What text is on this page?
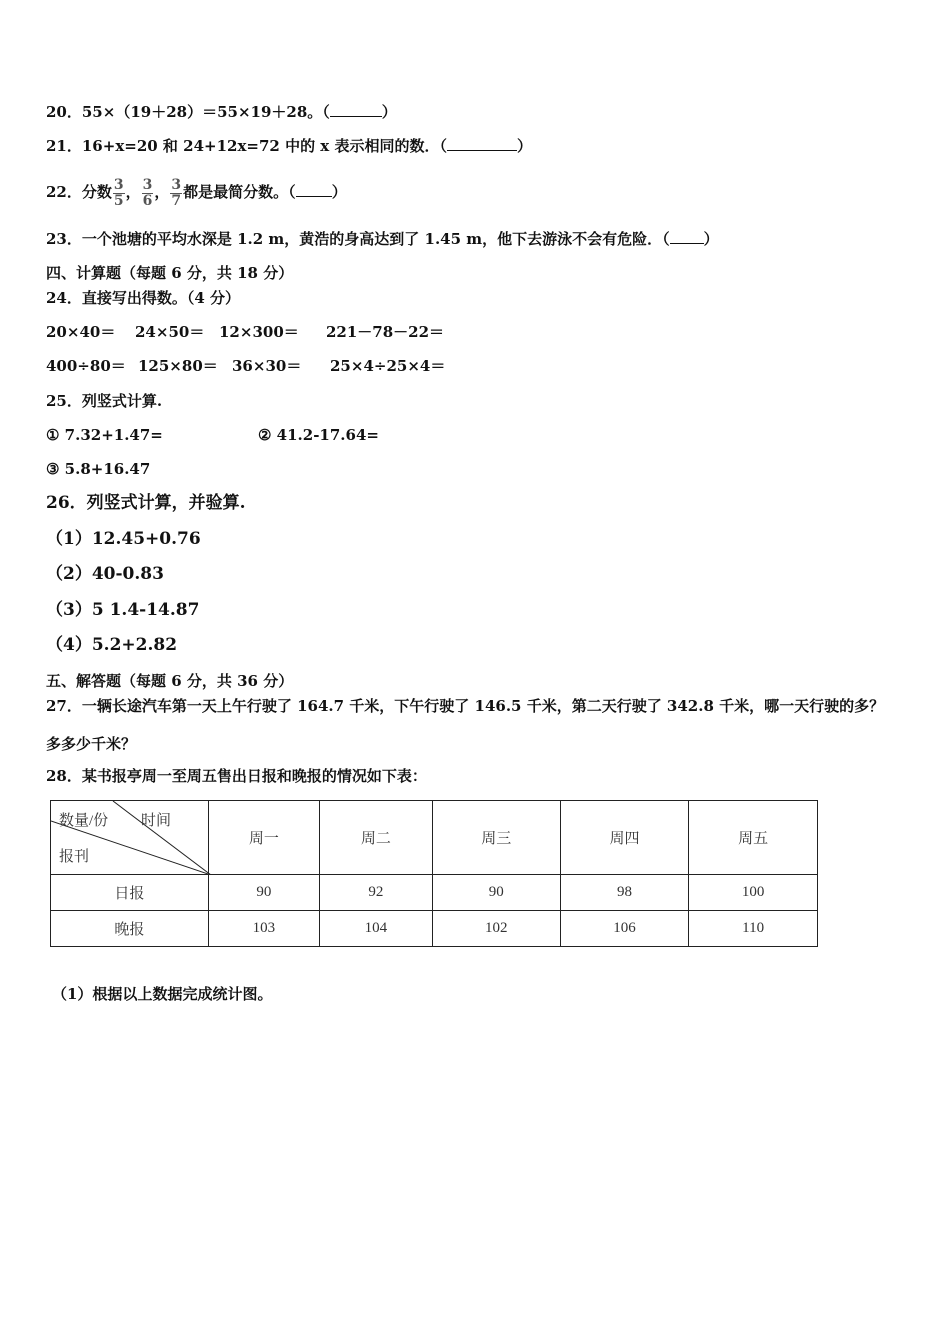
20．55×（19＋28）＝55×19＋28。（	）
21．16+x=20 和 24+12x=72 中的 x 表示相同的数．（	）
22．分数 $\frac{3}{5}$ ， $\frac{3}{6}$ ， $\frac{3}{7}$ 都是最简分数。（ ）
23．一个池塘的平均水深是 1.2 m，黄浩的身高达到了 1.45 m，他下去游泳不会有危险．（ ）
四、计算题（每题 6 分，共 18 分）
24．直接写出得数。（4 分）
20×40＝ 24×50＝ 12×300＝ 221－78－22＝
400÷80＝ 125×80＝ 36×30＝ 25×4÷25×4＝
25．列竖式计算.
① 7.32+1.47=	② 41.2-17.64=
③ 5.8+16.47
26．列竖式计算，并验算.
（1）12.45+0.76
（2）40-0.83
（3）5 1.4-14.87
（4）5.2+2.82
五、解答题（每题 6 分，共 36 分）
27．一辆长途汽车第一天上午行驶了 164.7 千米，下午行驶了 146.5 千米，第二天行驶了 342.8 千米，哪一天行驶的多？
多多少千米？
28．某书报亭周一至周五售出日报和晚报的情况如下表：
数量/份 时间
报刊	周一	周二	周三	周四	周五
日报	90	92	90	98	100
晚报	103	104	102	106	110
（1）根据以上数据完成统计图。
